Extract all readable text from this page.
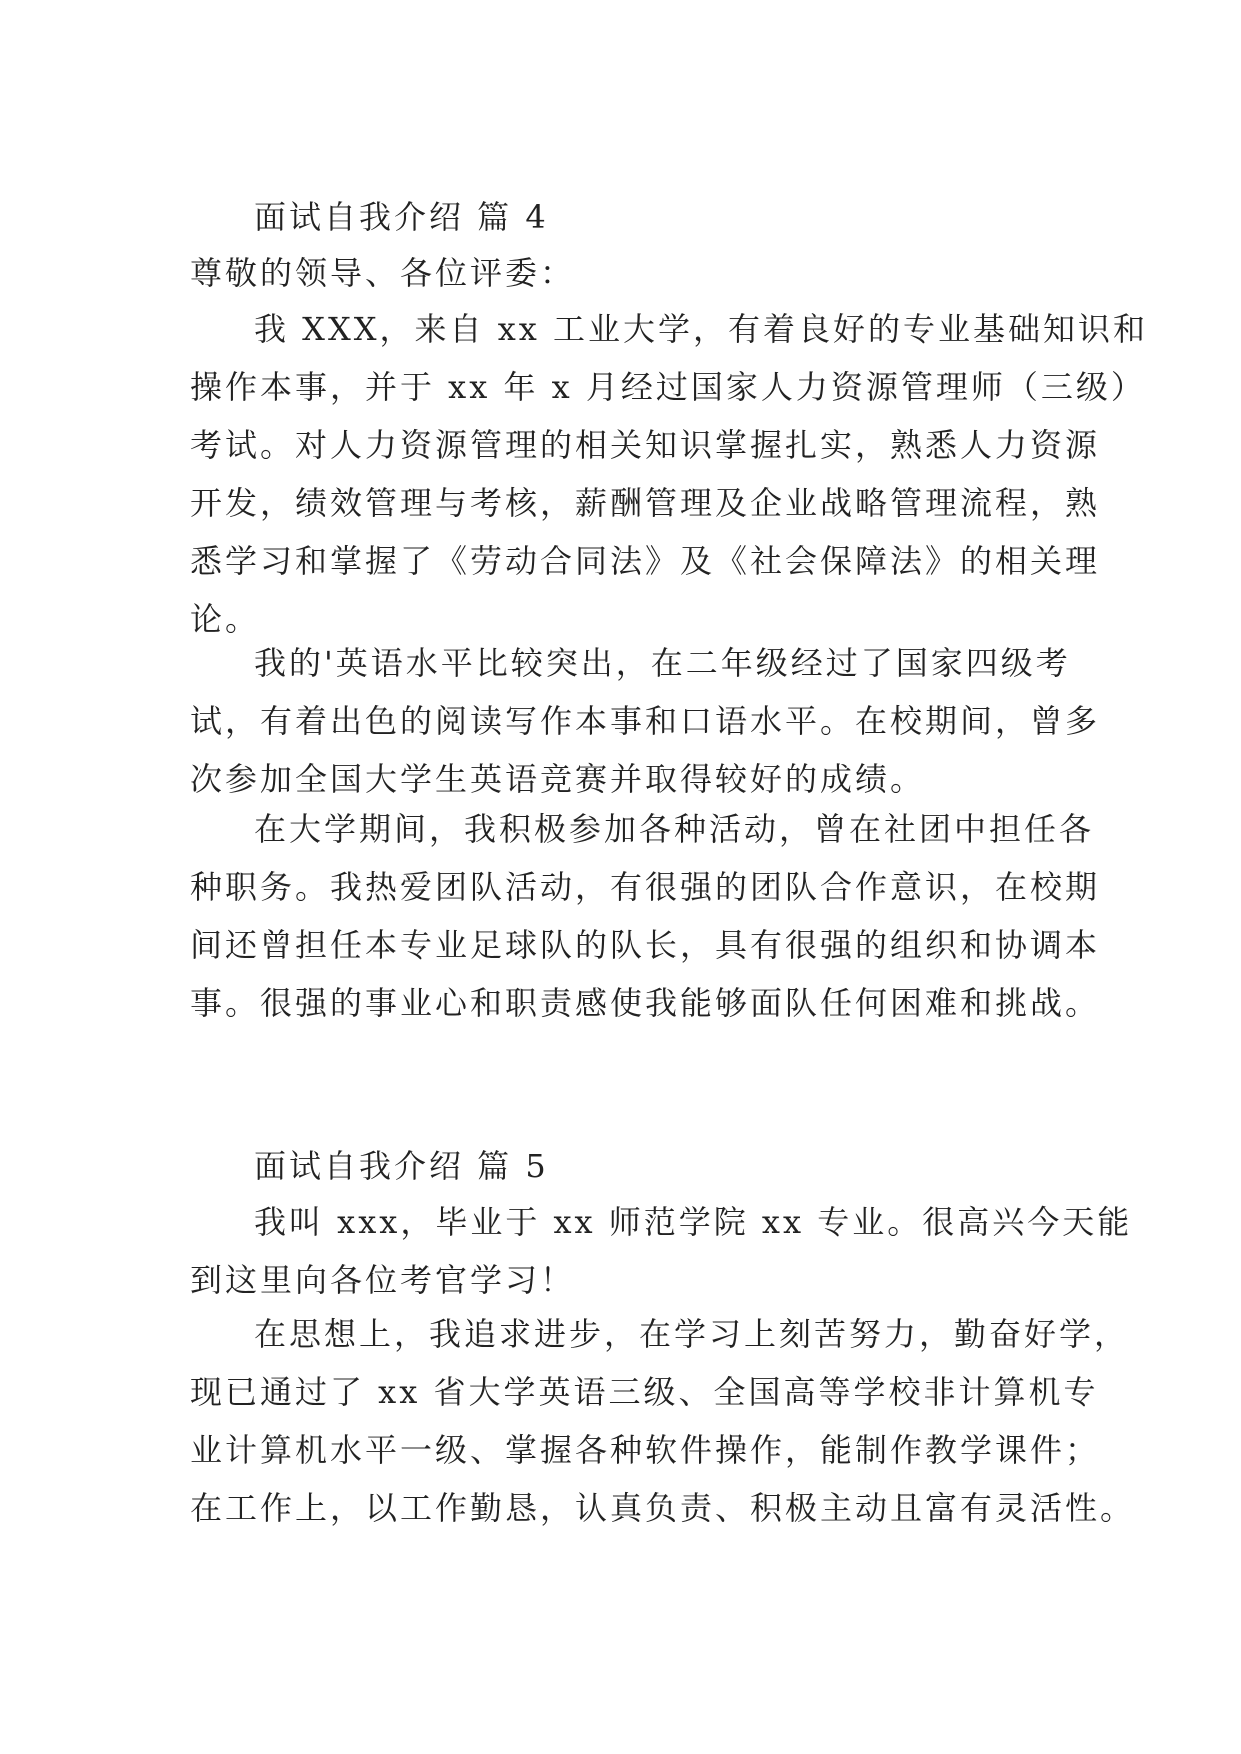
面试自我介绍 篇 4
尊敬的领导、各位评委：
我 XXX，来自 xx 工业大学，有着良好的专业基础知识和
操作本事，并于 xx 年 x 月经过国家人力资源管理师（三级）
考试。对人力资源管理的相关知识掌握扎实，熟悉人力资源
开发，绩效管理与考核，薪酬管理及企业战略管理流程，熟
悉学习和掌握了《劳动合同法》及《社会保障法》的相关理
论。
我的'英语水平比较突出，在二年级经过了国家四级考
试，有着出色的阅读写作本事和口语水平。在校期间，曾多
次参加全国大学生英语竞赛并取得较好的成绩。
在大学期间，我积极参加各种活动，曾在社团中担任各
种职务。我热爱团队活动，有很强的团队合作意识，在校期
间还曾担任本专业足球队的队长，具有很强的组织和协调本
事。很强的事业心和职责感使我能够面队任何困难和挑战。
面试自我介绍 篇 5
我叫 xxx，毕业于 xx 师范学院 xx 专业。很高兴今天能
到这里向各位考官学习！
在思想上，我追求进步，在学习上刻苦努力，勤奋好学，
现已通过了 xx 省大学英语三级、全国高等学校非计算机专
业计算机水平一级、掌握各种软件操作，能制作教学课件；
在工作上，以工作勤恳，认真负责、积极主动且富有灵活性。
